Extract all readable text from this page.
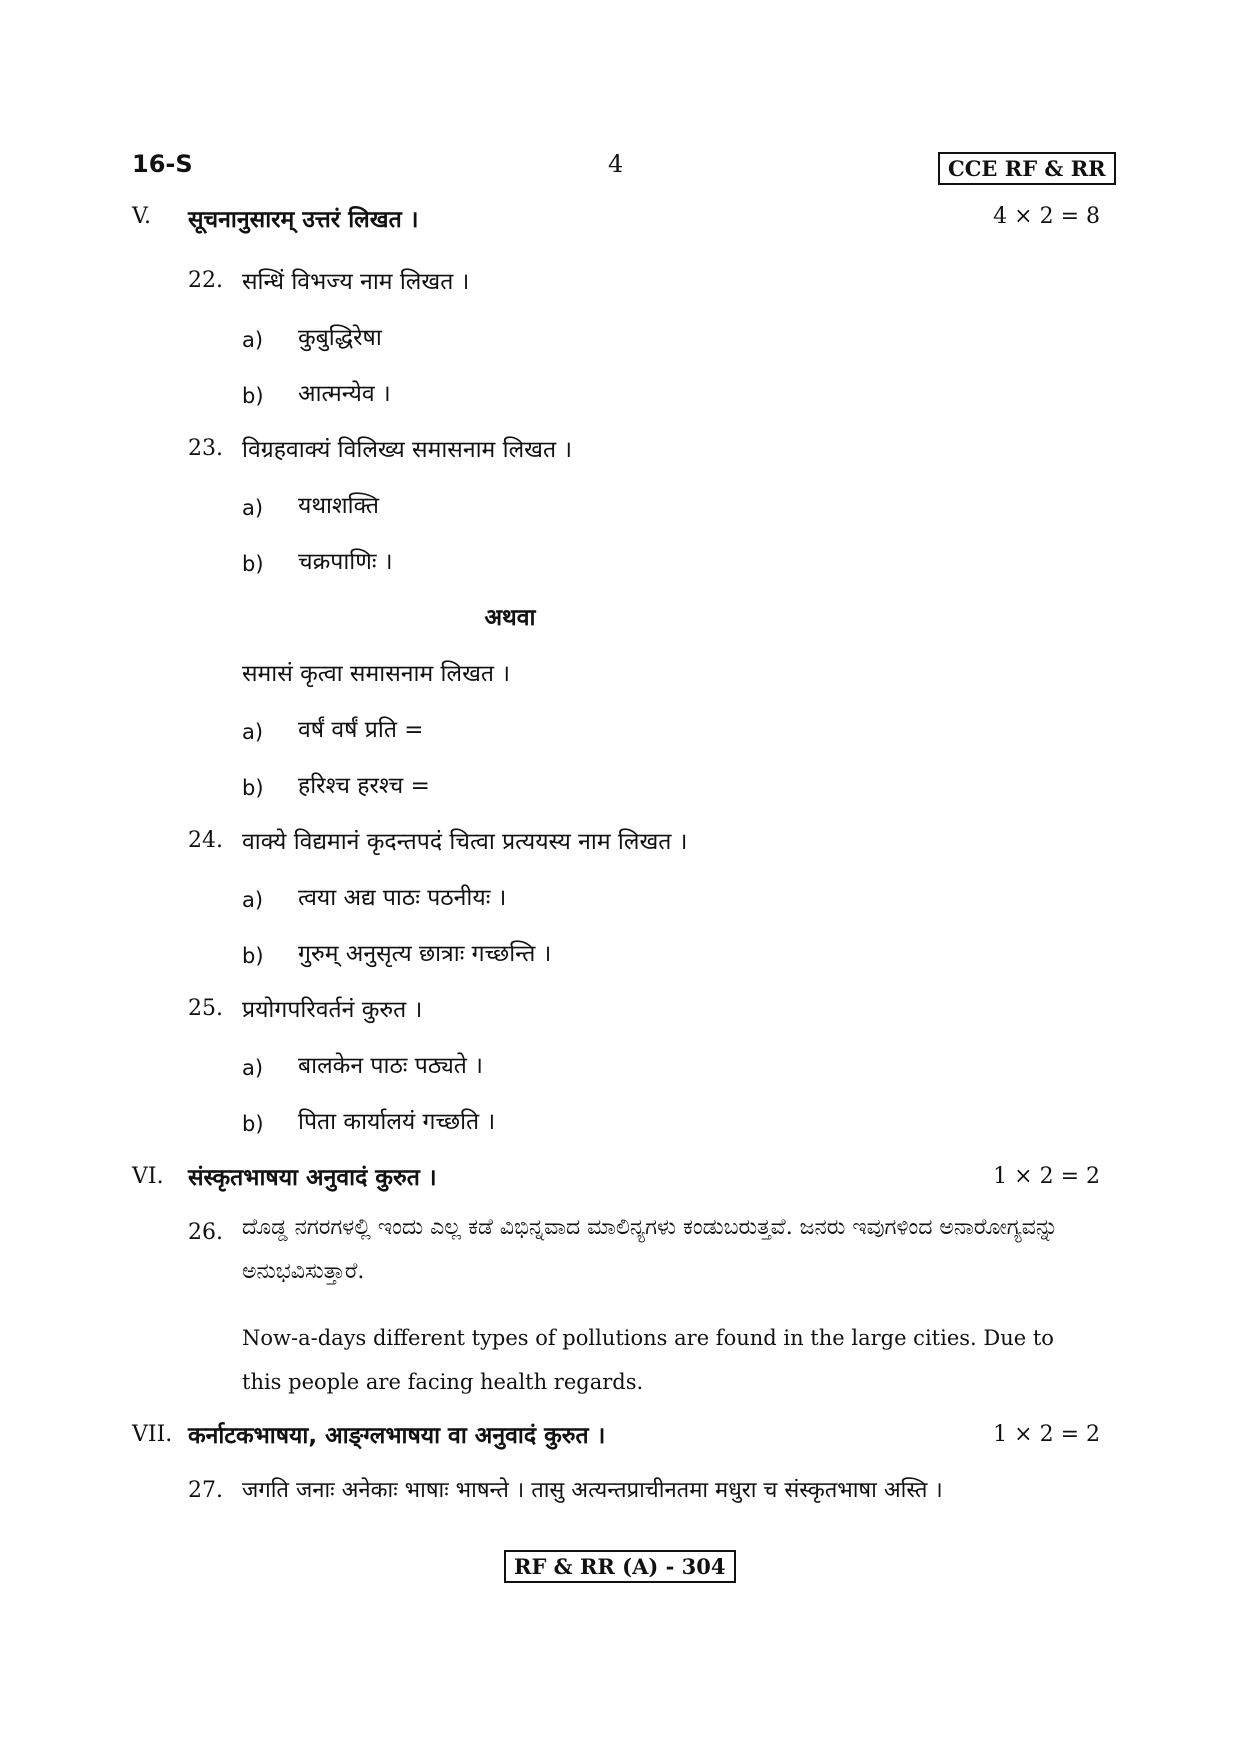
16-S	4	CCE RF & RR
V. सूचनानुसारम् उत्तरं लिखत ।	4 × 2 = 8
22. सन्धिं विभज्य नाम लिखत ।
a) कुबुद्धिरेषा
b) आत्मन्येव ।
23. विग्रहवाक्यं विलिख्य समासनाम लिखत ।
a) यथाशक्ति
b) चक्रपाणिः ।
अथवा
समासं कृत्वा समासनाम लिखत ।
a) वर्षं वर्षं प्रति =
b) हरिश्च हरश्च =
24. वाक्ये विद्यमानं कृदन्तपदं चित्वा प्रत्ययस्य नाम लिखत ।
a) त्वया अद्य पाठः पठनीयः ।
b) गुरुम् अनुसृत्य छात्राः गच्छन्ति ।
25. प्रयोगपरिवर्तनं कुरुत ।
a) बालकेन पाठः पठ्यते ।
b) पिता कार्यालयं गच्छति ।
VI. संस्कृतभाषया अनुवादं कुरुत ।	1 × 2 = 2
26. ದೊಡ್ಡ ನಗರಗಳಲ್ಲಿ ಇಂದು ಎಲ್ಲ ಕಡೆ ವಿಭಿನ್ನವಾದ ಮಾಲಿನ್ಯಗಳು ಕಂಡುಬರುತ್ತವೆ. ಜನರು ಇವುಗಳಿಂದ ಅನಾರೋಗ್ಯವನ್ನು ಅನುಭವಿಸುತ್ತಾರೆ.
Now-a-days different types of pollutions are found in the large cities. Due to this people are facing health regards.
VII. कर्नाटकभाषया, आङ्ग्लभाषया वा अनुवादं कुरुत ।	1 × 2 = 2
27. जगति जनाः अनेकाः भाषाः भाषन्ते । तासु अत्यन्तप्राचीनतमा मधुरा च संस्कृतभाषा अस्ति ।
RF & RR (A) - 304
